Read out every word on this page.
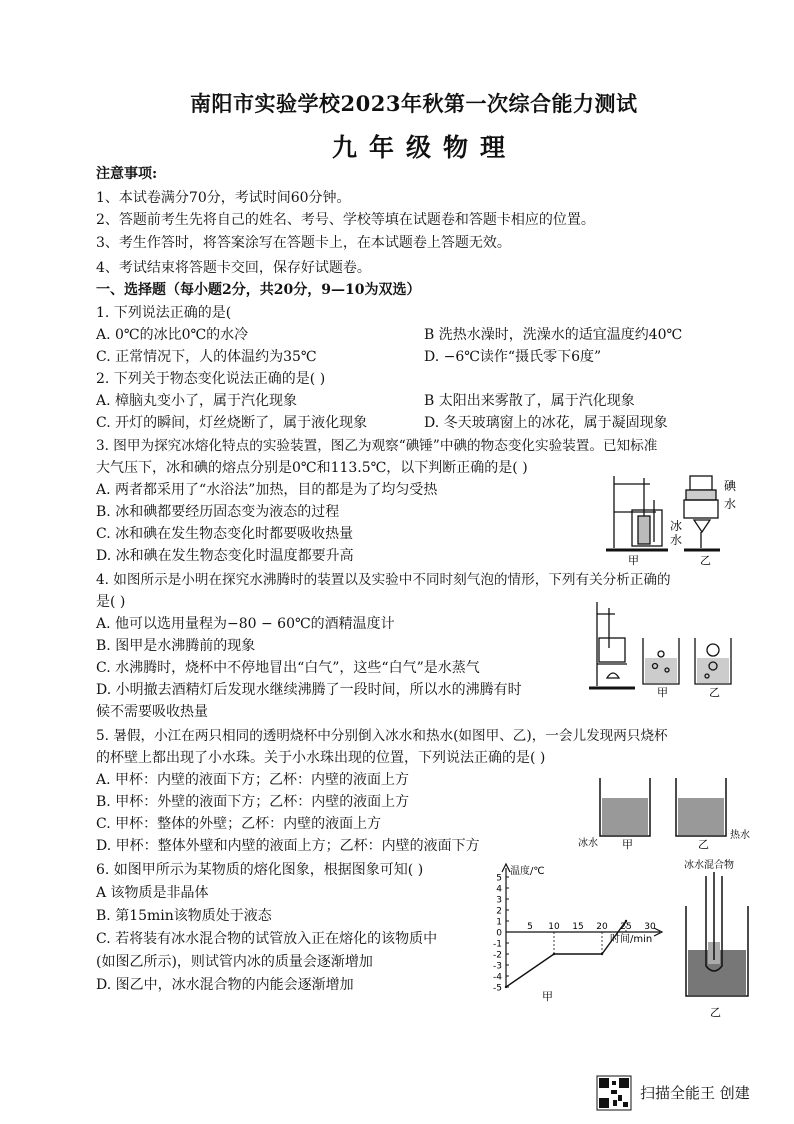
南阳市实验学校2023年秋第一次综合能力测试
九年级物理
注意事项:
1、本试卷满分70分，考试时间60分钟。
2、答题前考生先将自己的姓名、考号、学校等填在试题卷和答题卡相应的位置。
3、考生作答时，将答案涂写在答题卡上，在本试题卷上答题无效。
4、考试结束将答题卡交回，保存好试题卷。
一、选择题（每小题2分，共20分，9—10为双选）
1. 下列说法正确的是(
A. 0℃的冰比0℃的水冷	B 洗热水澡时，洗澡水的适宜温度约40℃
C. 正常情况下，人的体温约为35℃	D. −6℃读作“摄氏零下6度”
2. 下列关于物态变化说法正确的是( )
A. 樟脑丸变小了，属于汽化现象	B 太阳出来雾散了，属于汽化现象
C. 开灯的瞬间，灯丝烧断了，属于液化现象	D. 冬天玻璃窗上的冰花，属于凝固现象
3. 图甲为探究冰熔化特点的实验装置，图乙为观察“碘锤”中碘的物态变化实验装置。已知标准
大气压下，冰和碘的熔点分别是0℃和113.5℃，以下判断正确的是( )
A. 两者都采用了“水浴法”加热，目的都是为了均匀受热
B. 冰和碘都要经历固态变为液态的过程
C. 冰和碘在发生物态变化时都要吸收热量
D. 冰和碘在发生物态变化时温度都要升高
冰
水
碘
水
甲	乙
4. 如图所示是小明在探究水沸腾时的装置以及实验中不同时刻气泡的情形，下列有关分析正确的
是( )
A. 他可以选用量程为−80 − 60℃的酒精温度计
B. 图甲是水沸腾前的现象
C. 水沸腾时，烧杯中不停地冒出“白气”，这些“白气”是水蒸气
D. 小明撤去酒精灯后发现水继续沸腾了一段时间，所以水的沸腾有时
候不需要吸收热量
甲	乙
5. 暑假，小江在两只相同的透明烧杯中分别倒入冰水和热水(如图甲、乙)，一会儿发现两只烧杯
的杯壁上都出现了小水珠。关于小水珠出现的位置，下列说法正确的是( )
A. 甲杯：内壁的液面下方；乙杯：内壁的液面上方
B. 甲杯：外壁的液面下方；乙杯：内壁的液面上方
C. 甲杯：整体的外壁；乙杯：内壁的液面上方
D. 甲杯：整体外壁和内壁的液面上方；乙杯：内壁的液面下方	冰水
热水
甲	乙
6. 如图甲所示为某物质的熔化图象，根据图象可知( )
A 该物质是非晶体
B. 第15min该物质处于液态
C. 若将装有冰水混合物的试管放入正在熔化的该物质中
(如图乙所示)，则试管内冰的质量会逐渐增加
D. 图乙中，冰水混合物的内能会逐渐增加
温度/℃
时间/min
5
4
3
2
1
0
-1
-2
-3
-4
-5
5 10 15 20 25 30
甲
冰水混合物
乙
扫描全能王 创建
